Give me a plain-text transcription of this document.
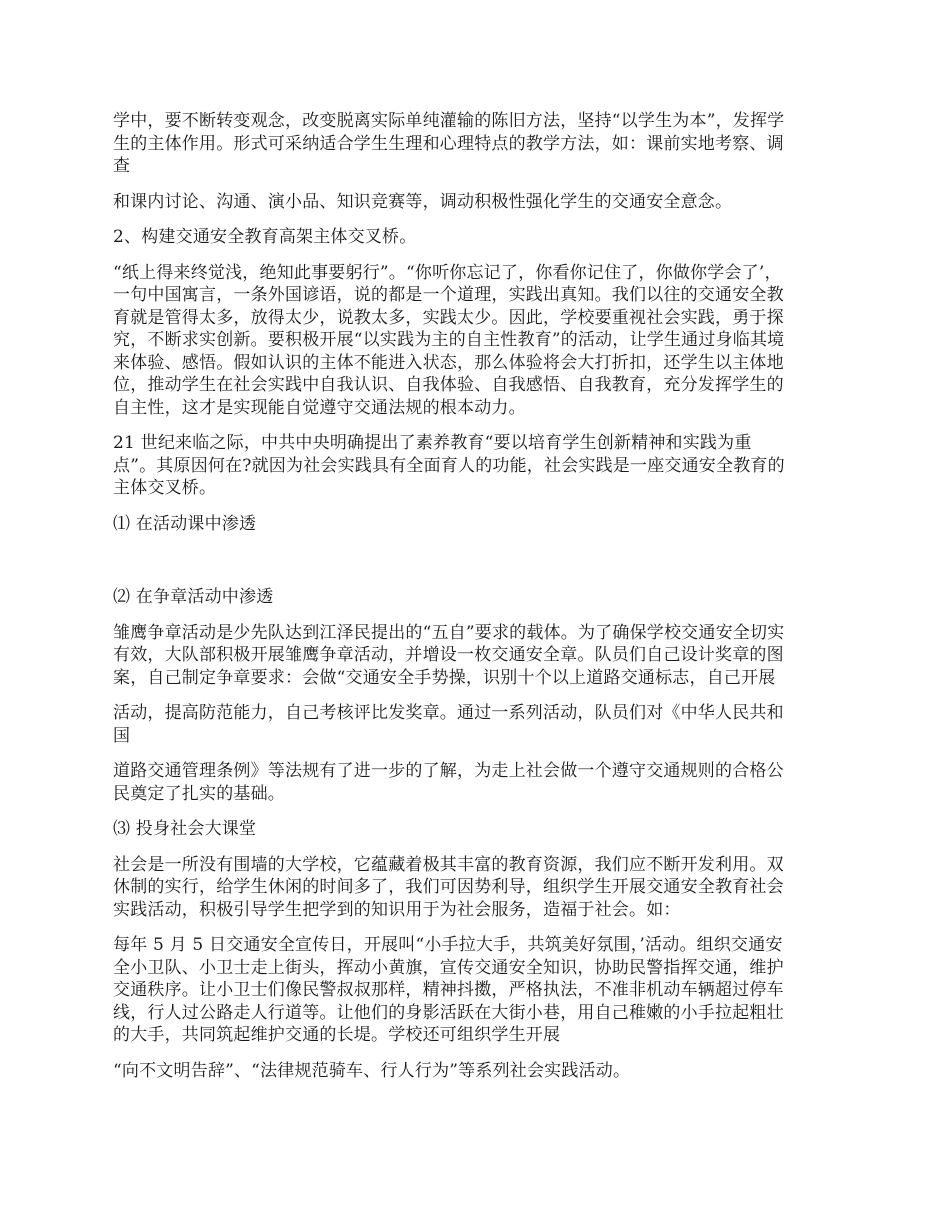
学中，要不断转变观念，改变脱离实际单纯灌输的陈旧方法，坚持“以学生为本”，发挥学
生的主体作用。形式可采纳适合学生生理和心理特点的教学方法，如：课前实地考察、调
查

和课内讨论、沟通、演小品、知识竞赛等，调动积极性强化学生的交通安全意念。

2、构建交通安全教育高架主体交叉桥。

“纸上得来终觉浅，绝知此事要躬行”。“你听你忘记了，你看你记住了，你做你学会了’，
一句中国寓言，一条外国谚语，说的都是一个道理，实践出真知。我们以往的交通安全教
育就是管得太多，放得太少，说教太多，实践太少。因此，学校要重视社会实践，勇于探
究，不断求实创新。要积极开展“以实践为主的自主性教育”的活动，让学生通过身临其境
来体验、感悟。假如认识的主体不能进入状态，那么体验将会大打折扣，还学生以主体地
位，推动学生在社会实践中自我认识、自我体验、自我感悟、自我教育，充分发挥学生的
自主性，这才是实现能自觉遵守交通法规的根本动力。

21 世纪来临之际，中共中央明确提出了素养教育“要以培育学生创新精神和实践为重
点”。其原因何在?就因为社会实践具有全面育人的功能，社会实践是一座交通安全教育的
主体交叉桥。

⑴ 在活动课中渗透

⑵ 在争章活动中渗透

雏鹰争章活动是少先队达到江泽民提出的“五自”要求的载体。为了确保学校交通安全切实
有效，大队部积极开展雏鹰争章活动，并增设一枚交通安全章。队员们自己设计奖章的图
案，自己制定争章要求：会做“交通安全手势操，识别十个以上道路交通标志，自己开展

活动，提高防范能力，自己考核评比发奖章。通过一系列活动，队员们对《中华人民共和
国

道路交通管理条例》等法规有了进一步的了解，为走上社会做一个遵守交通规则的合格公
民奠定了扎实的基础。

⑶ 投身社会大课堂

社会是一所没有围墙的大学校，它蕴藏着极其丰富的教育资源，我们应不断开发利用。双
休制的实行，给学生休闲的时间多了，我们可因势利导，组织学生开展交通安全教育社会
实践活动，积极引导学生把学到的知识用于为社会服务，造福于社会。如：

每年 5 月 5 日交通安全宣传日，开展叫“小手拉大手，共筑美好氛围，’活动。组织交通安
全小卫队、小卫士走上街头，挥动小黄旗，宣传交通安全知识，协助民警指挥交通，维护
交通秩序。让小卫士们像民警叔叔那样，精神抖擞，严格执法，不准非机动车辆超过停车
线，行人过公路走人行道等。让他们的身影活跃在大街小巷，用自己稚嫩的小手拉起粗壮
的大手，共同筑起维护交通的长堤。学校还可组织学生开展

“向不文明告辞”、“法律规范骑车、行人行为”等系列社会实践活动。
